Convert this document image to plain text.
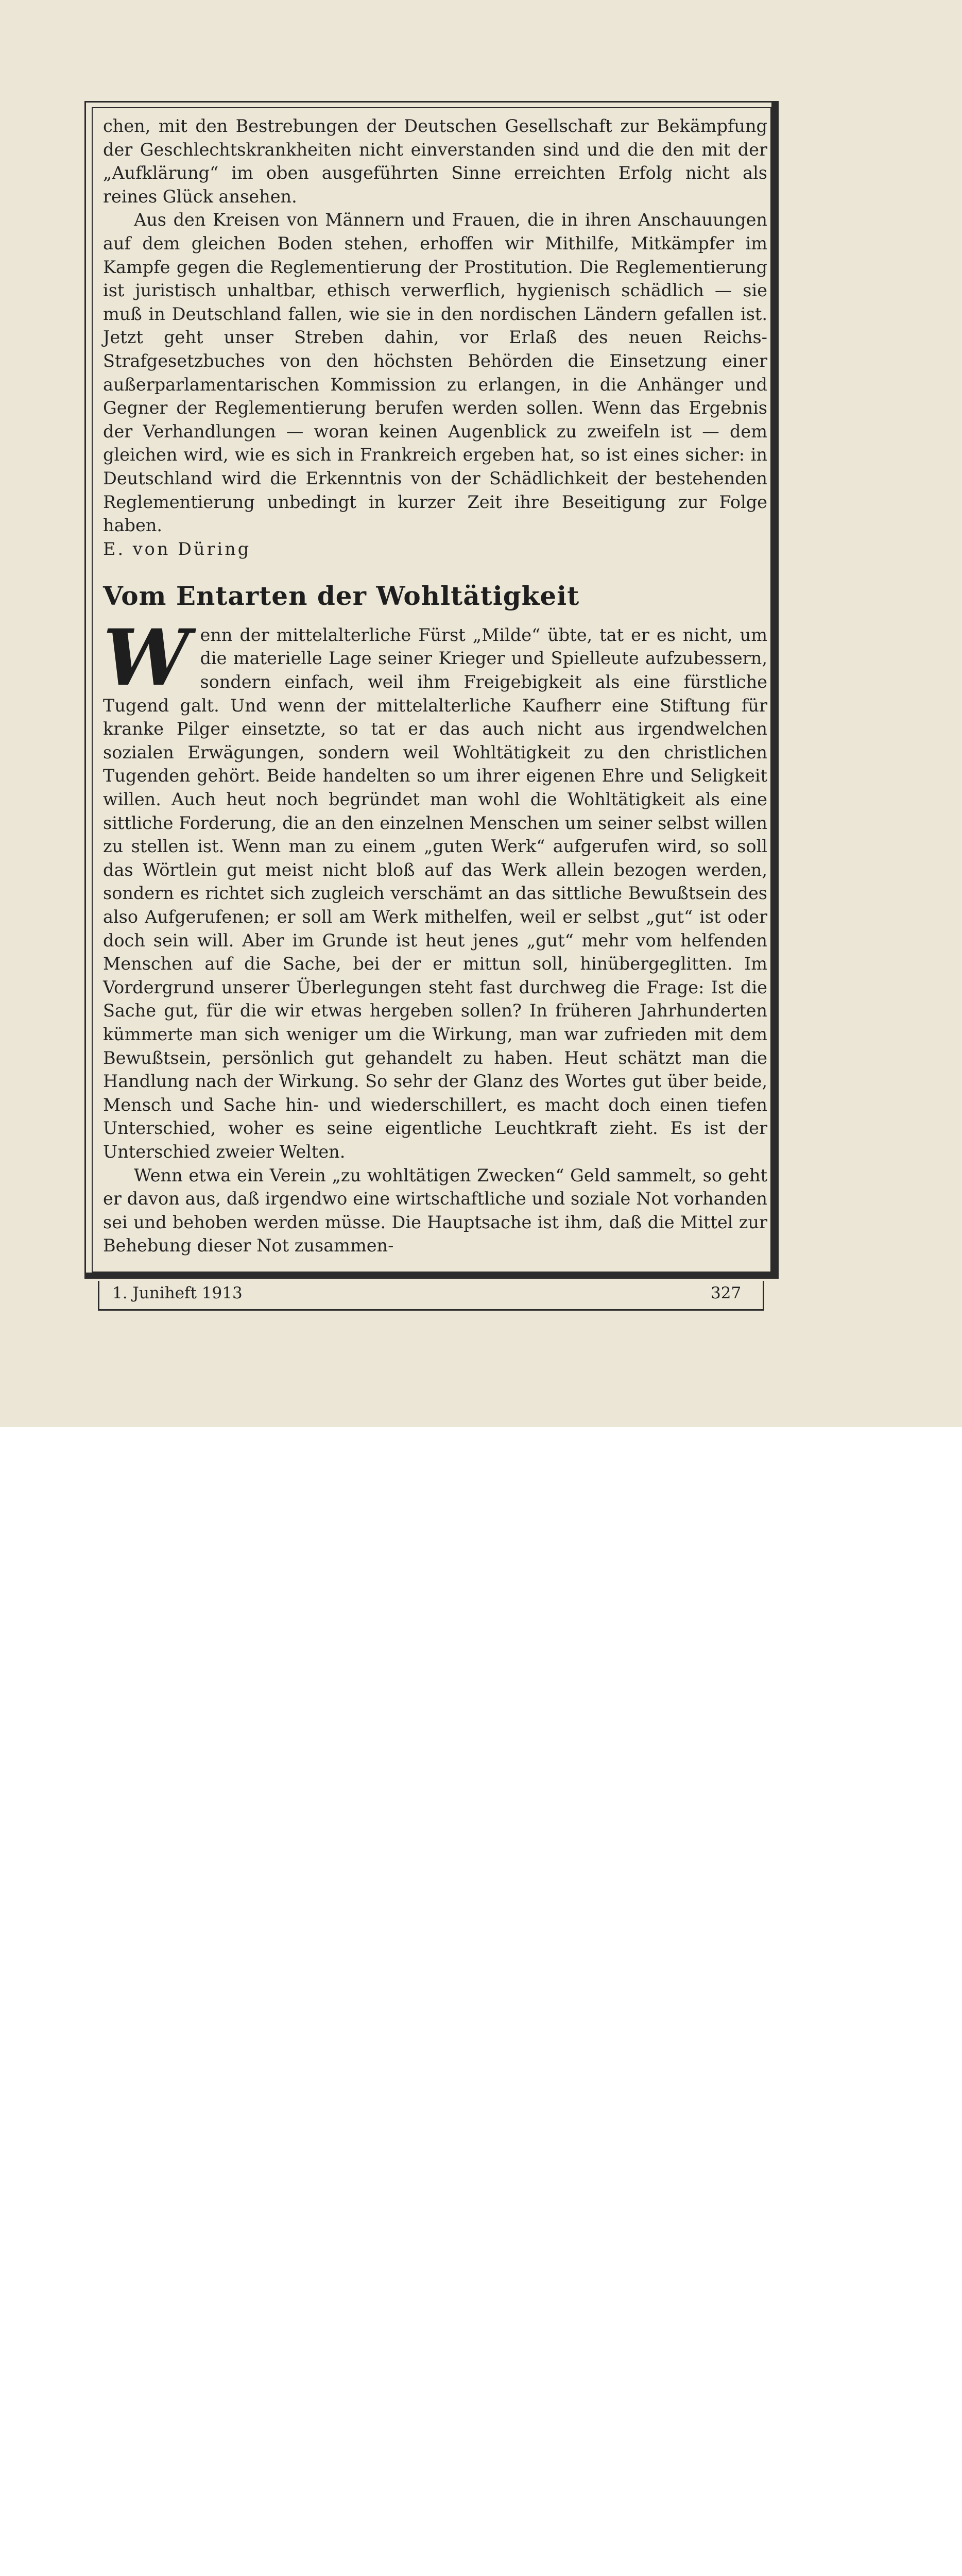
chen, mit den Bestrebungen der Deutschen Gesellschaft zur Bekämpfung der Geschlechtskrankheiten nicht einverstanden sind und die den mit der „Aufklärung“ im oben ausgeführten Sinne erreichten Erfolg nicht als reines Glück ansehen.

Aus den Kreisen von Männern und Frauen, die in ihren Anschauungen auf dem gleichen Boden stehen, erhoffen wir Mithilfe, Mitkämpfer im Kampfe gegen die Reglementierung der Prostitution. Die Reglementierung ist juristisch unhaltbar, ethisch verwerflich, hygienisch schädlich — sie muß in Deutschland fallen, wie sie in den nordischen Ländern gefallen ist. Jetzt geht unser Streben dahin, vor Erlaß des neuen Reichs-Strafgesetzbuches von den höchsten Behörden die Einsetzung einer außerparlamentarischen Kommission zu erlangen, in die Anhänger und Gegner der Reglementierung berufen werden sollen. Wenn das Ergebnis der Verhandlungen — woran keinen Augenblick zu zweifeln ist — dem gleichen wird, wie es sich in Frankreich ergeben hat, so ist eines sicher: in Deutschland wird die Erkenntnis von der Schädlichkeit der bestehenden Reglementierung unbedingt in kurzer Zeit ihre Beseitigung zur Folge haben.

E. von Düring

Vom Entarten der Wohltätigkeit

Wenn der mittelalterliche Fürst „Milde“ übte, tat er es nicht, um die materielle Lage seiner Krieger und Spielleute aufzubessern, sondern einfach, weil ihm Freigebigkeit als eine fürstliche Tugend galt. Und wenn der mittelalterliche Kaufherr eine Stiftung für kranke Pilger einsetzte, so tat er das auch nicht aus irgendwelchen sozialen Erwägungen, sondern weil Wohltätigkeit zu den christlichen Tugenden gehört. Beide handelten so um ihrer eigenen Ehre und Seligkeit willen. Auch heut noch begründet man wohl die Wohltätigkeit als eine sittliche Forderung, die an den einzelnen Menschen um seiner selbst willen zu stellen ist. Wenn man zu einem „guten Werk“ aufgerufen wird, so soll das Wörtlein gut meist nicht bloß auf das Werk allein bezogen werden, sondern es richtet sich zugleich verschämt an das sittliche Bewußtsein des also Aufgerufenen; er soll am Werk mithelfen, weil er selbst „gut“ ist oder doch sein will. Aber im Grunde ist heut jenes „gut“ mehr vom helfenden Menschen auf die Sache, bei der er mittun soll, hinübergeglitten. Im Vordergrund unserer Überlegungen steht fast durchweg die Frage: Ist die Sache gut, für die wir etwas hergeben sollen? In früheren Jahrhunderten kümmerte man sich weniger um die Wirkung, man war zufrieden mit dem Bewußtsein, persönlich gut gehandelt zu haben. Heut schätzt man die Handlung nach der Wirkung. So sehr der Glanz des Wortes gut über beide, Mensch und Sache hin- und wiederschillert, es macht doch einen tiefen Unterschied, woher es seine eigentliche Leuchtkraft zieht. Es ist der Unterschied zweier Welten.

Wenn etwa ein Verein „zu wohltätigen Zwecken“ Geld sammelt, so geht er davon aus, daß irgendwo eine wirtschaftliche und soziale Not vorhanden sei und behoben werden müsse. Die Hauptsache ist ihm, daß die Mittel zur Behebung dieser Not zusammen-

1. Juniheft 1913	327
